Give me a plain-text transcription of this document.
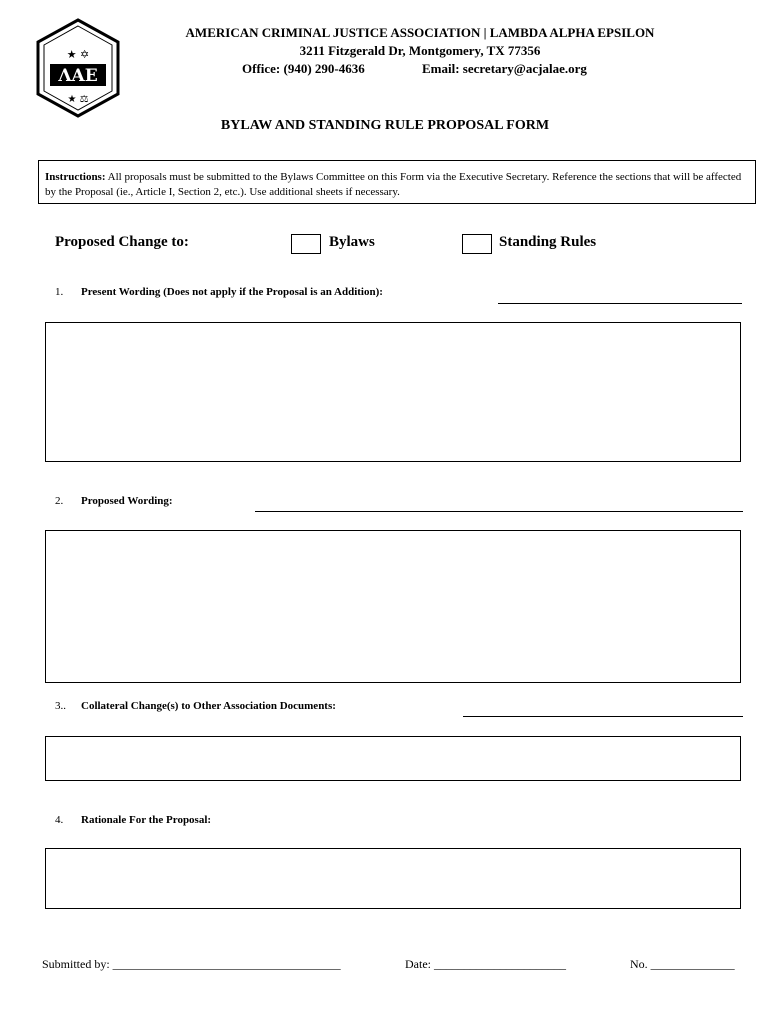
★ ✡
ΛΑΕ
★ ⚖
AMERICAN CRIMINAL JUSTICE ASSOCIATION | LAMBDA ALPHA EPSILON
3211 Fitzgerald Dr, Montgomery, TX 77356
Office: (940) 290-4636	Email: secretary@acjalae.org
BYLAW AND STANDING RULE PROPOSAL FORM
Instructions: All proposals must be submitted to the Bylaws Committee on this Form via the Executive Secretary. Reference the sections that will be affected by the Proposal (ie., Article I, Section 2, etc.). Use additional sheets if necessary.
Proposed Change to:	Bylaws	Standing Rules
1. Present Wording (Does not apply if the Proposal is an Addition):
2. Proposed Wording:
3.. Collateral Change(s) to Other Association Documents:
4. Rationale For the Proposal:
Submitted by: ______________________________________	Date: ______________________	No. ______________
